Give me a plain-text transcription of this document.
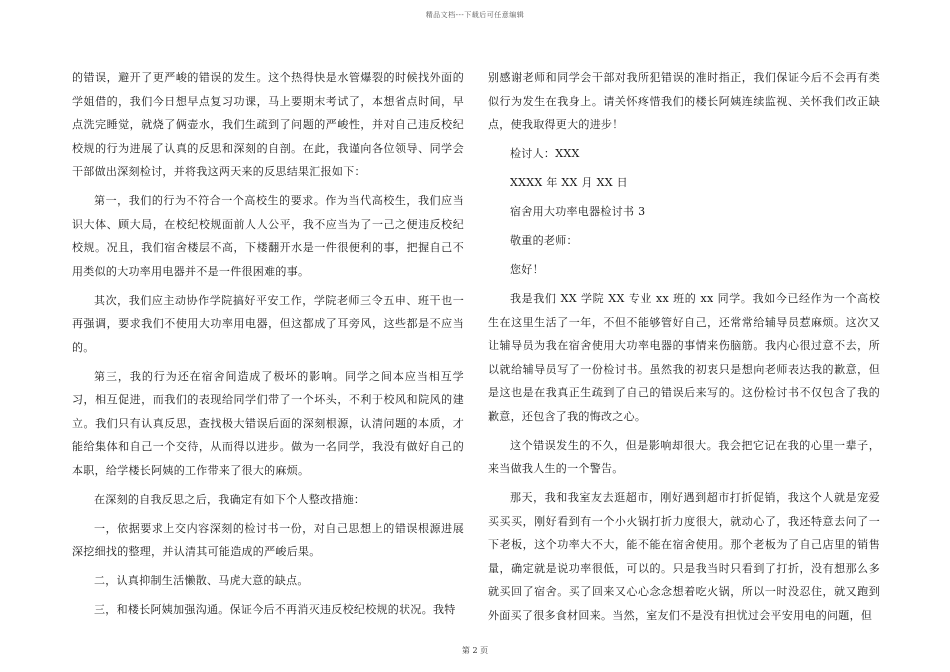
精品文档---下载后可任意编辑

的错误，避开了更严峻的错误的发生。这个热得快是水管爆裂的时候找外面的学姐借的，我们今日想早点复习功课，马上要期末考试了，本想省点时间，早点洗完睡觉，就烧了俩壶水，我们生疏到了问题的严峻性，并对自己违反校纪校规的行为进展了认真的反思和深刻的自剖。在此，我谨向各位领导、同学会干部做出深刻检讨，并将我这两天来的反思结果汇报如下：

第一，我们的行为不符合一个高校生的要求。作为当代高校生，我们应当识大体、顾大局，在校纪校规面前人人公平，我不应当为了一己之便违反校纪校规。况且，我们宿舍楼层不高，下楼翻开水是一件很便利的事，把握自己不用类似的大功率用电器并不是一件很困难的事。

其次，我们应主动协作学院搞好平安工作，学院老师三令五申、班干也一再强调，要求我们不使用大功率用电器，但这都成了耳旁风，这些都是不应当的。

第三，我的行为还在宿舍间造成了极坏的影响。同学之间本应当相互学习，相互促进，而我们的表现给同学们带了一个坏头，不利于校风和院风的建立。我们只有认真反思，查找极大错误后面的深刻根源，认清问题的本质，才能给集体和自己一个交待，从而得以进步。做为一名同学，我没有做好自己的本职，给学楼长阿姨的工作带来了很大的麻烦。

在深刻的自我反思之后，我确定有如下个人整改措施：

一，依据要求上交内容深刻的检讨书一份，对自己思想上的错误根源进展深挖细找的整理，并认清其可能造成的严峻后果。

二，认真抑制生活懒散、马虎大意的缺点。

三，和楼长阿姨加强沟通。保证今后不再消灭违反校纪校规的状况。我特

别感谢老师和同学会干部对我所犯错误的准时指正，我们保证今后不会再有类似行为发生在我身上。请关怀疼惜我们的楼长阿姨连续监视、关怀我们改正缺点，使我取得更大的进步！

检讨人：XXX

XXXX 年 XX 月 XX 日

宿舍用大功率电器检讨书 3

敬重的老师：

您好！

我是我们 XX 学院 XX 专业 xx 班的 xx 同学。我如今已经作为一个高校生在这里生活了一年，不但不能够管好自己，还常常给辅导员惹麻烦。这次又让辅导员为我在宿舍使用大功率电器的事情来伤脑筋。我内心很过意不去，所以就给辅导员写了一份检讨书。虽然我的初衷只是想向老师表达我的歉意，但是这也是在我真正生疏到了自己的错误后来写的。这份检讨书不仅包含了我的歉意，还包含了我的悔改之心。

这个错误发生的不久，但是影响却很大。我会把它记在我的心里一辈子，来当做我人生的一个警告。

那天，我和我室友去逛超市，刚好遇到超市打折促销，我这个人就是宠爱买买买，刚好看到有一个小火锅打折力度很大，就动心了，我还特意去问了一下老板，这个功率大不大，能不能在宿舍使用。那个老板为了自己店里的销售量，确定就是说功率很低，可以的。只是我当时只看到了打折，没有想那么多就买回了宿舍。买了回来又心心念念想着吃火锅，所以一时没忍住，就又跑到外面买了很多食材回来。当然，室友们不是没有担忧过会平安用电的问题，但

第 2 页
